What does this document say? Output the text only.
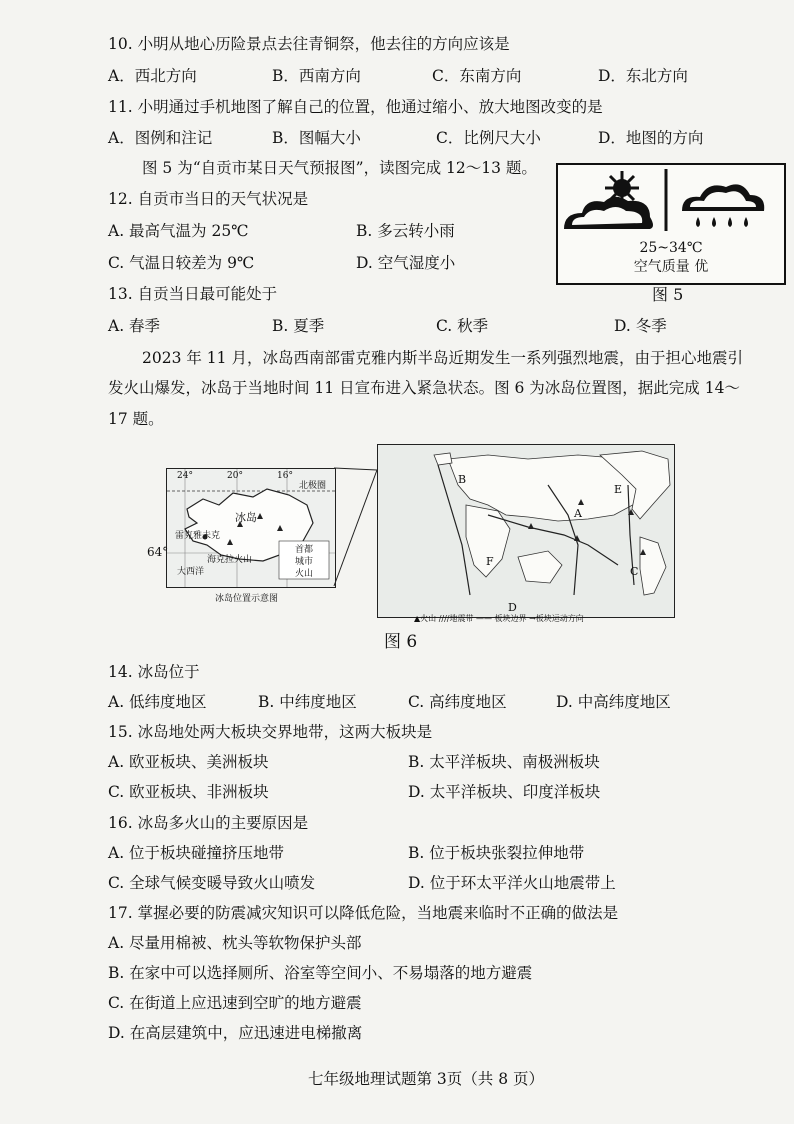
10. 小明从地心历险景点去往青铜祭，他去往的方向应该是
A．西北方向	B．西南方向	C．东南方向	D．东北方向
11. 小明通过手机地图了解自己的位置，他通过缩小、放大地图改变的是
A．图例和注记	B．图幅大小	C．比例尺大小	D．地图的方向
图 5 为“自贡市某日天气预报图”，读图完成 12～13 题。
12. 自贡市当日的天气状况是
A. 最高气温为 25℃	B. 多云转小雨
C. 气温日较差为 9℃	D. 空气湿度小
13. 自贡当日最可能处于
A. 春季	B. 夏季	C. 秋季	D. 冬季
25~34℃
空气质量 优
图 5
2023 年 11 月，冰岛西南部雷克雅内斯半岛近期发生一系列强烈地震，由于担心地震引
发火山爆发，冰岛于当地时间 11 日宣布进入紧急状态。图 6 为冰岛位置图，据此完成 14～
17 题。
24°	20°	16°
北极圈
冰岛
雷克雅未克
海克拉火山
大西洋
首都
城市
火山
64°
冰岛位置示意图
B
A
E
F
C
D
▲火山 ////地震带 —— 板块边界 →板块运动方向
图 6
14. 冰岛位于
A. 低纬度地区	B. 中纬度地区	C. 高纬度地区	D. 中高纬度地区
15. 冰岛地处两大板块交界地带，这两大板块是
A. 欧亚板块、美洲板块	B. 太平洋板块、南极洲板块
C. 欧亚板块、非洲板块	D. 太平洋板块、印度洋板块
16. 冰岛多火山的主要原因是
A. 位于板块碰撞挤压地带	B. 位于板块张裂拉伸地带
C. 全球气候变暖导致火山喷发	D. 位于环太平洋火山地震带上
17. 掌握必要的防震减灾知识可以降低危险，当地震来临时不正确的做法是
A. 尽量用棉被、枕头等软物保护头部
B. 在家中可以选择厕所、浴室等空间小、不易塌落的地方避震
C. 在街道上应迅速到空旷的地方避震
D. 在高层建筑中，应迅速进电梯撤离
七年级地理试题第 3页（共 8 页）
